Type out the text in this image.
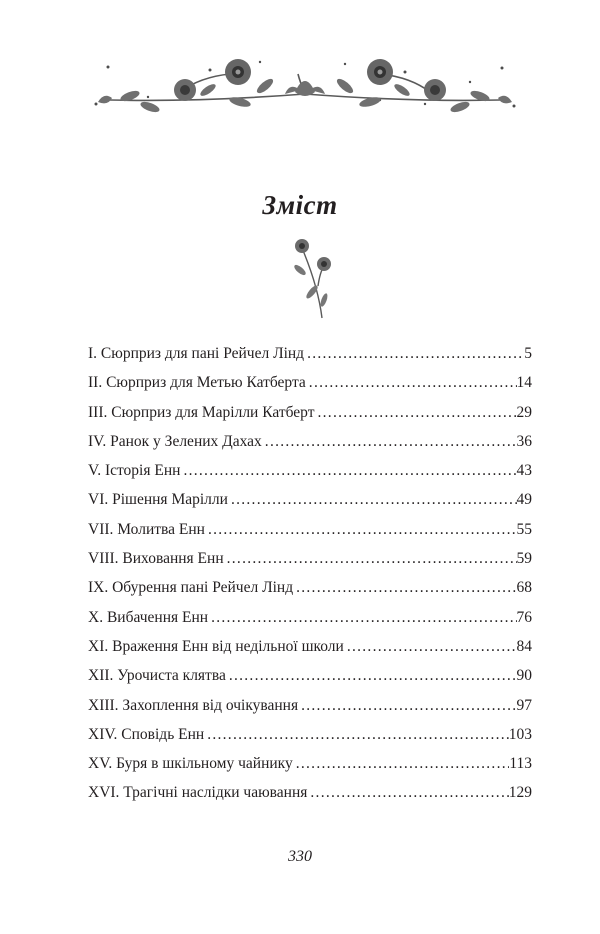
Зміст
I. Сюрприз для пані Рейчел Лінд . . .	5
II. Сюрприз для Метью Катберта . . .	14
III. Сюрприз для Марілли Катберт . . .	29
IV. Ранок у Зелених Дахах . . .	36
V. Історія Енн . . .	43
VI. Рішення Марілли . . .	49
VII. Молитва Енн . . .	55
VIII. Виховання Енн . . .	59
IX. Обурення пані Рейчел Лінд . . .	68
X. Вибачення Енн . . .	76
XI. Враження Енн від недільної школи . . .	84
XII. Урочиста клятва . . .	90
XIII. Захоплення від очікування . . .	97
XIV. Сповідь Енн . . .	103
XV. Буря в шкільному чайнику . . .	113
XVI. Трагічні наслідки чаювання . . .	129
330
